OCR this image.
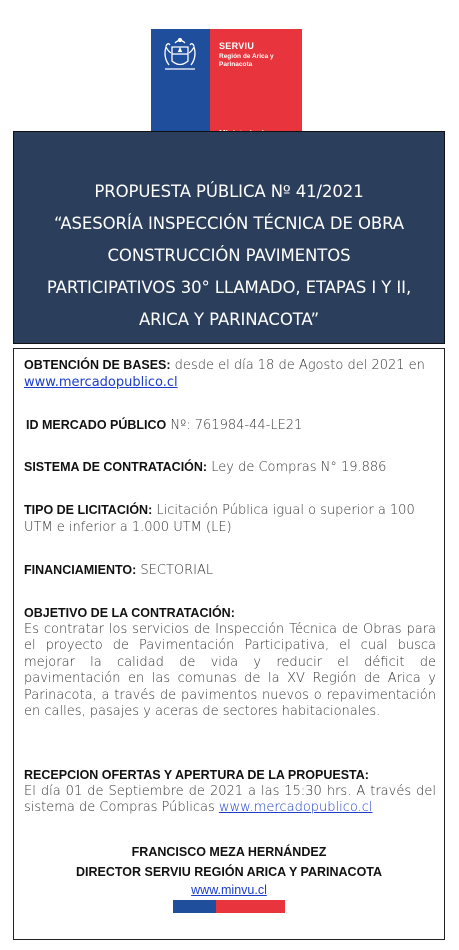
SERVIU
Región de Arica y
Parinacota
PROPUESTA PÚBLICA Nº 41/2021
“ASESORÍA INSPECCIÓN TÉCNICA DE OBRA
CONSTRUCCIÓN PAVIMENTOS
PARTICIPATIVOS 30° LLAMADO, ETAPAS I Y II,
ARICA Y PARINACOTA”
OBTENCIÓN DE BASES: desde el día 18 de Agosto del 2021 en
www.mercadopublico.cl
ID MERCADO PÚBLICO Nº: 761984-44-LE21
SISTEMA DE CONTRATACIÓN: Ley de Compras N° 19.886
TIPO DE LICITACIÓN: Licitación Pública igual o superior a 100 UTM e inferior a 1.000 UTM (LE)
FINANCIAMIENTO: SECTORIAL
OBJETIVO DE LA CONTRATACIÓN:
Es contratar los servicios de Inspección Técnica de Obras para el proyecto de Pavimentación Participativa, el cual busca mejorar la calidad de vida y reducir el déficit de pavimentación en las comunas de la XV Región de Arica y Parinacota, a través de pavimentos nuevos o repavimentación en calles, pasajes y aceras de sectores habitacionales.
RECEPCION OFERTAS Y APERTURA DE LA PROPUESTA:
El día 01 de Septiembre de 2021 a las 15:30 hrs. A través del sistema de Compras Públicas www.mercadopublico.cl
FRANCISCO MEZA HERNÁNDEZ
DIRECTOR SERVIU REGIÓN ARICA Y PARINACOTA
www.minvu.cl
